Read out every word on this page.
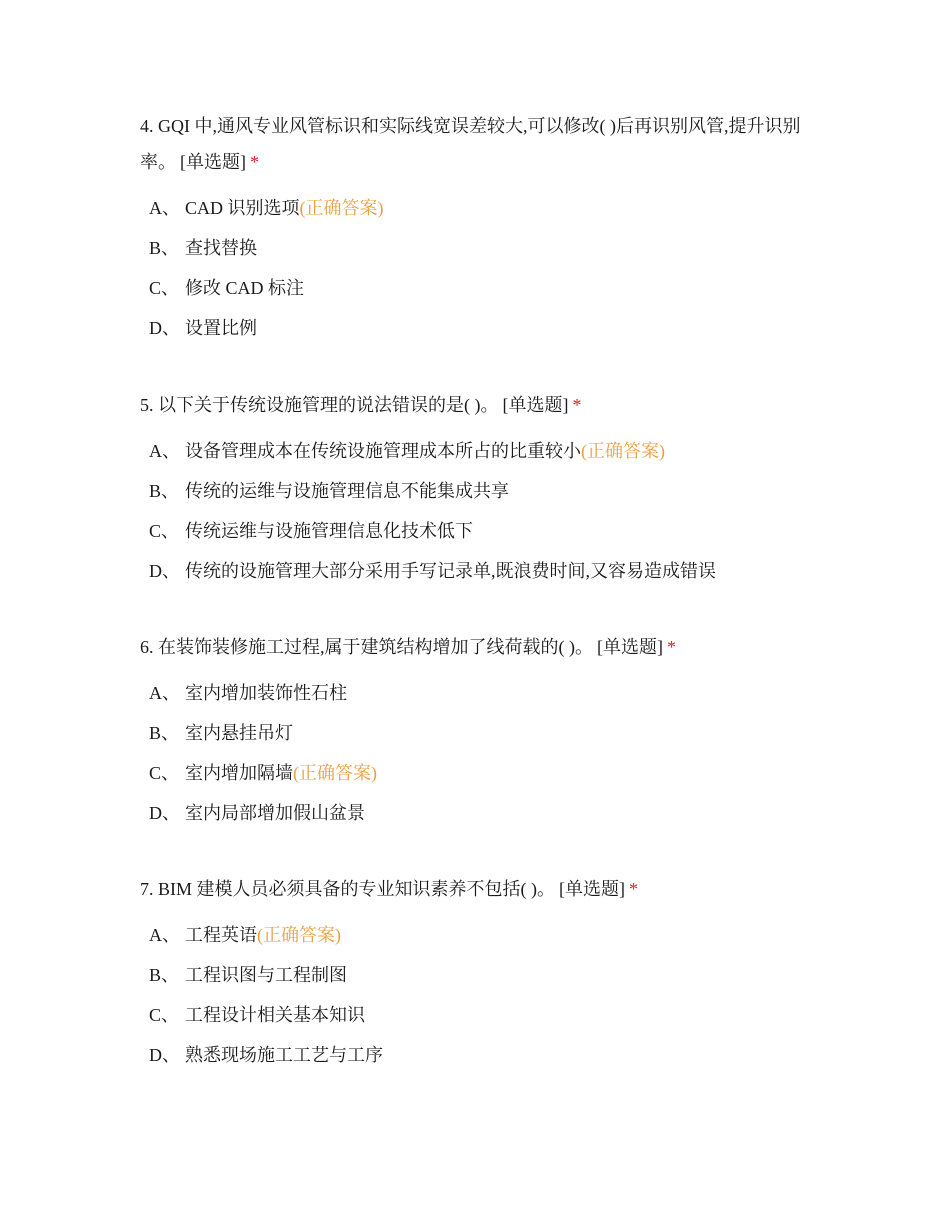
4. GQI 中,通风专业风管标识和实际线宽误差较大,可以修改( )后再识别风管,提升识别率。 [单选题] *

A、 CAD 识别选项(正确答案)
B、 查找替换
C、 修改 CAD 标注
D、 设置比例

5. 以下关于传统设施管理的说法错误的是( )。 [单选题] *

A、 设备管理成本在传统设施管理成本所占的比重较小(正确答案)
B、 传统的运维与设施管理信息不能集成共享
C、 传统运维与设施管理信息化技术低下
D、 传统的设施管理大部分采用手写记录单,既浪费时间,又容易造成错误

6. 在装饰装修施工过程,属于建筑结构增加了线荷载的( )。 [单选题] *

A、 室内增加装饰性石柱
B、 室内悬挂吊灯
C、 室内增加隔墙(正确答案)
D、 室内局部增加假山盆景

7. BIM 建模人员必须具备的专业知识素养不包括( )。 [单选题] *

A、 工程英语(正确答案)
B、 工程识图与工程制图
C、 工程设计相关基本知识
D、 熟悉现场施工工艺与工序
